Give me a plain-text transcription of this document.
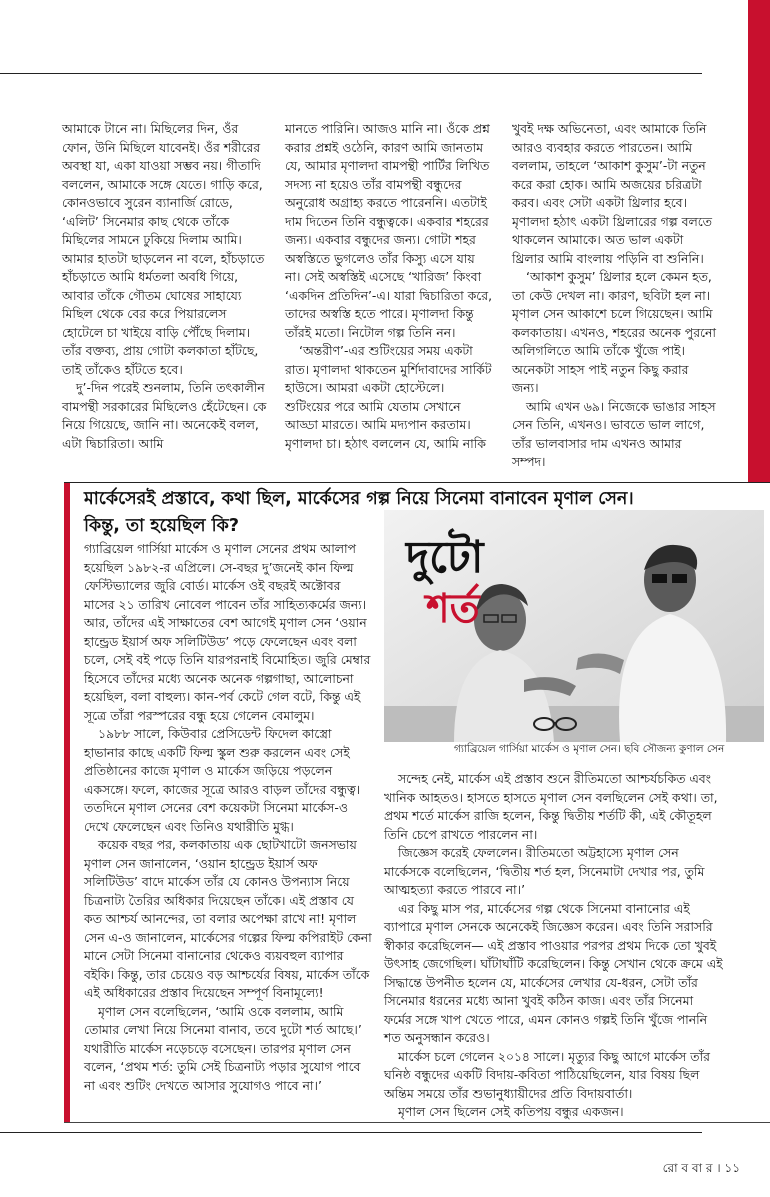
আমাকে টানে না। মিছিলের দিন, ওঁর ফোন, উনি মিছিলে যাবেনই। ওঁর শরীরের অবস্থা যা, একা যাওয়া সম্ভব নয়। গীতাদি বললেন, আমাকে সঙ্গে যেতে। গাড়ি করে, কোনওভাবে সুরেন ব্যানার্জি রোডে, ‘এলিট’ সিনেমার কাছ থেকে তাঁকে মিছিলের সামনে ঢুকিয়ে দিলাম আমি। আমার হাতটা ছাড়লেন না বলে, হাঁচড়াতে হাঁচড়াতে আমি ধর্মতলা অবধি গিয়ে, আবার তাঁকে গৌতম ঘোষের সাহায্যে মিছিল থেকে বের করে পিয়ারলেস হোটেলে চা খাইয়ে বাড়ি পৌঁছে দিলাম। তাঁর বক্তব্য, প্রায় গোটা কলকাতা হাঁটছে, তাই তাঁকেও হাঁটতে হবে।

দু’-দিন পরেই শুনলাম, তিনি তৎকালীন বামপন্থী সরকারের মিছিলেও হেঁটেছেন। কে নিয়ে গিয়েছে, জানি না। অনেকেই বলল, এটা দ্বিচারিতা। আমি

মানতে পারিনি। আজও মানি না। ওঁকে প্রশ্ন করার প্রশ্নই ওঠেনি, কারণ আমি জানতাম যে, আমার মৃণালদা বামপন্থী পার্টির লিখিত সদস্য না হয়েও তাঁর বামপন্থী বন্ধুদের অনুরোধ অগ্রাহ্য করতে পারেননি। এতটাই দাম দিতেন তিনি বন্ধুত্বকে। একবার শহরের জন্য। একবার বন্ধুদের জন্য। গোটা শহর অস্বস্তিতে ভুগলেও তাঁর কিস্যু এসে যায় না। সেই অস্বস্তিই এসেছে ‘খারিজ’ কিংবা ‘একদিন প্রতিদিন’-এ। যারা দ্বিচারিতা করে, তাদের অস্বস্তি হতে পারে। মৃণালদা কিন্তু তাঁরই মতো। নিটোল গল্প তিনি নন।

‘অন্তরীণ’-এর শুটিংয়ের সময় একটা রাত। মৃণালদা থাকতেন মুর্শিদাবাদের সার্কিট হাউসে। আমরা একটা হোস্টেলে। শুটিংয়ের পরে আমি যেতাম সেখানে আড্ডা মারতে। আমি মদ্যপান করতাম। মৃণালদা চা। হঠাৎ বললেন যে, আমি নাকি

খুবই দক্ষ অভিনেতা, এবং আমাকে তিনি আরও ব্যবহার করতে পারতেন। আমি বললাম, তাহলে ‘আকাশ কুসুম’-টা নতুন করে করা হোক। আমি অজয়ের চরিত্রটা করব। এবং সেটা একটা থ্রিলার হবে। মৃণালদা হঠাৎ একটা থ্রিলারের গল্প বলতে থাকলেন আমাকে। অত ভাল একটা থ্রিলার আমি বাংলায় পড়িনি বা শুনিনি।

‘আকাশ কুসুম’ থ্রিলার হলে কেমন হত, তা কেউ দেখল না। কারণ, ছবিটা হল না। মৃণাল সেন আকাশে চলে গিয়েছেন। আমি কলকাতায়। এখনও, শহরের অনেক পুরনো অলিগলিতে আমি তাঁকে খুঁজে পাই। অনেকটা সাহস পাই নতুন কিছু করার জন্য।

আমি এখন ৬৯। নিজেকে ভাঙার সাহস সেন তিনি, এখনও। ভাবতে ভাল লাগে, তাঁর ভালবাসার দাম এখনও আমার সম্পদ।

মার্কেসেরই প্রস্তাবে, কথা ছিল, মার্কেসের গল্প নিয়ে সিনেমা বানাবেন মৃণাল সেন।
কিন্তু, তা হয়েছিল কি?
দুটো
শর্ত
গ্যাব্রিয়েল গার্সিয়া মার্কেস ও মৃণাল সেন। ছবি সৌজন্য কুণাল সেন

গ্যাব্রিয়েল গার্সিয়া মার্কেস ও মৃণাল সেনের প্রথম আলাপ হয়েছিল ১৯৮২-র এপ্রিলে। সে-বছর দু’জনেই কান ফিল্ম ফেস্টিভ্যালের জুরি বোর্ড। মার্কেস ওই বছরই অক্টোবর মাসের ২১ তারিখ নোবেল পাবেন তাঁর সাহিত্যকর্মের জন্য। আর, তাঁদের এই সাক্ষাতের বেশ আগেই মৃণাল সেন ‘ওয়ান হান্ড্রেড ইয়ার্স অফ সলিটিউড’ পড়ে ফেলেছেন এবং বলা চলে, সেই বই পড়ে তিনি যারপরনাই বিমোহিত। জুরি মেম্বার হিসেবে তাঁদের মধ্যে অনেক অনেক গল্পগাছা, আলোচনা হয়েছিল, বলা বাহুল্য। কান-পর্ব কেটে গেল বটে, কিন্তু এই সূত্রে তাঁরা পরস্পরের বন্ধু হয়ে গেলেন বেমালুম।

১৯৮৮ সালে, কিউবার প্রেসিডেন্ট ফিদেল কাস্ত্রো হাভানার কাছে একটি ফিল্ম স্কুল শুরু করলেন এবং সেই প্রতিষ্ঠানের কাজে মৃণাল ও মার্কেস জড়িয়ে পড়লেন একসঙ্গে। ফলে, কাজের সূত্রে আরও বাড়ল তাঁদের বন্ধুত্ব। ততদিনে মৃণাল সেনের বেশ কয়েকটা সিনেমা মার্কেস-ও দেখে ফেলেছেন এবং তিনিও যথারীতি মুগ্ধ।

কয়েক বছর পর, কলকাতায় এক ছোটখাটো জনসভায় মৃণাল সেন জানালেন, ‘ওয়ান হান্ড্রেড ইয়ার্স অফ সলিটিউড’ বাদে মার্কেস তাঁর যে কোনও উপন্যাস নিয়ে চিত্রনাট্য তৈরির অধিকার দিয়েছেন তাঁকে। এই প্রস্তাব যে কত আশ্চর্য আনন্দের, তা বলার অপেক্ষা রাখে না! মৃণাল সেন এ-ও জানালেন, মার্কেসের গল্পের ফিল্ম কপিরাইট কেনা মানে সেটা সিনেমা বানানোর থেকেও ব্যয়বহুল ব্যাপার বইকি। কিন্তু, তার চেয়েও বড় আশ্চর্যের বিষয়, মার্কেস তাঁকে এই অধিকারের প্রস্তাব দিয়েছেন সম্পূর্ণ বিনামূল্যে!

মৃণাল সেন বলেছিলেন, ‘আমি ওকে বললাম, আমি তোমার লেখা নিয়ে সিনেমা বানাব, তবে দুটো শর্ত আছে।’ যথারীতি মার্কেস নড়েচড়ে বসেছেন। তারপর মৃণাল সেন বলেন, ‘প্রথম শর্ত: তুমি সেই চিত্রনাট্য পড়ার সুযোগ পাবে না এবং শুটিং দেখতে আসার সুযোগও পাবে না।’

সন্দেহ নেই, মার্কেস এই প্রস্তাব শুনে রীতিমতো আশ্চর্যচকিত এবং খানিক আহতও। হাসতে হাসতে মৃণাল সেন বলছিলেন সেই কথা। তা, প্রথম শর্তে মার্কেস রাজি হলেন, কিন্তু দ্বিতীয় শর্তটি কী, এই কৌতূহল তিনি চেপে রাখতে পারলেন না।

জিজ্ঞেস করেই ফেললেন। রীতিমতো অট্টহাস্যে মৃণাল সেন মার্কেসকে বলেছিলেন, ‘দ্বিতীয় শর্ত হল, সিনেমাটা দেখার পর, তুমি আত্মহত্যা করতে পারবে না।’

এর কিছু মাস পর, মার্কেসের গল্প থেকে সিনেমা বানানোর এই ব্যাপারে মৃণাল সেনকে অনেকেই জিজ্ঞেস করেন। এবং তিনি সরাসরি স্বীকার করেছিলেন— এই প্রস্তাব পাওয়ার পরপর প্রথম দিকে তো খুবই উৎসাহ জেগেছিল। ঘাঁটাঘাঁটি করেছিলেন। কিন্তু সেখান থেকে ক্রমে এই সিদ্ধান্তে উপনীত হলেন যে, মার্কেসের লেখার যে-ধরন, সেটা তাঁর সিনেমার ধরনের মধ্যে আনা খুবই কঠিন কাজ। এবং তাঁর সিনেমা ফর্মের সঙ্গে খাপ খেতে পারে, এমন কোনও গল্পই তিনি খুঁজে পাননি শত অনুসন্ধান করেও।

মার্কেস চলে গেলেন ২০১৪ সালে। মৃত্যুর কিছু আগে মার্কেস তাঁর ঘনিষ্ঠ বন্ধুদের একটি বিদায়-কবিতা পাঠিয়েছিলেন, যার বিষয় ছিল অন্তিম সময়ে তাঁর শুভানুধ্যায়ীদের প্রতি বিদায়বার্তা।

মৃণাল সেন ছিলেন সেই কতিপয় বন্ধুর একজন।

রো ব বা র । ১১
